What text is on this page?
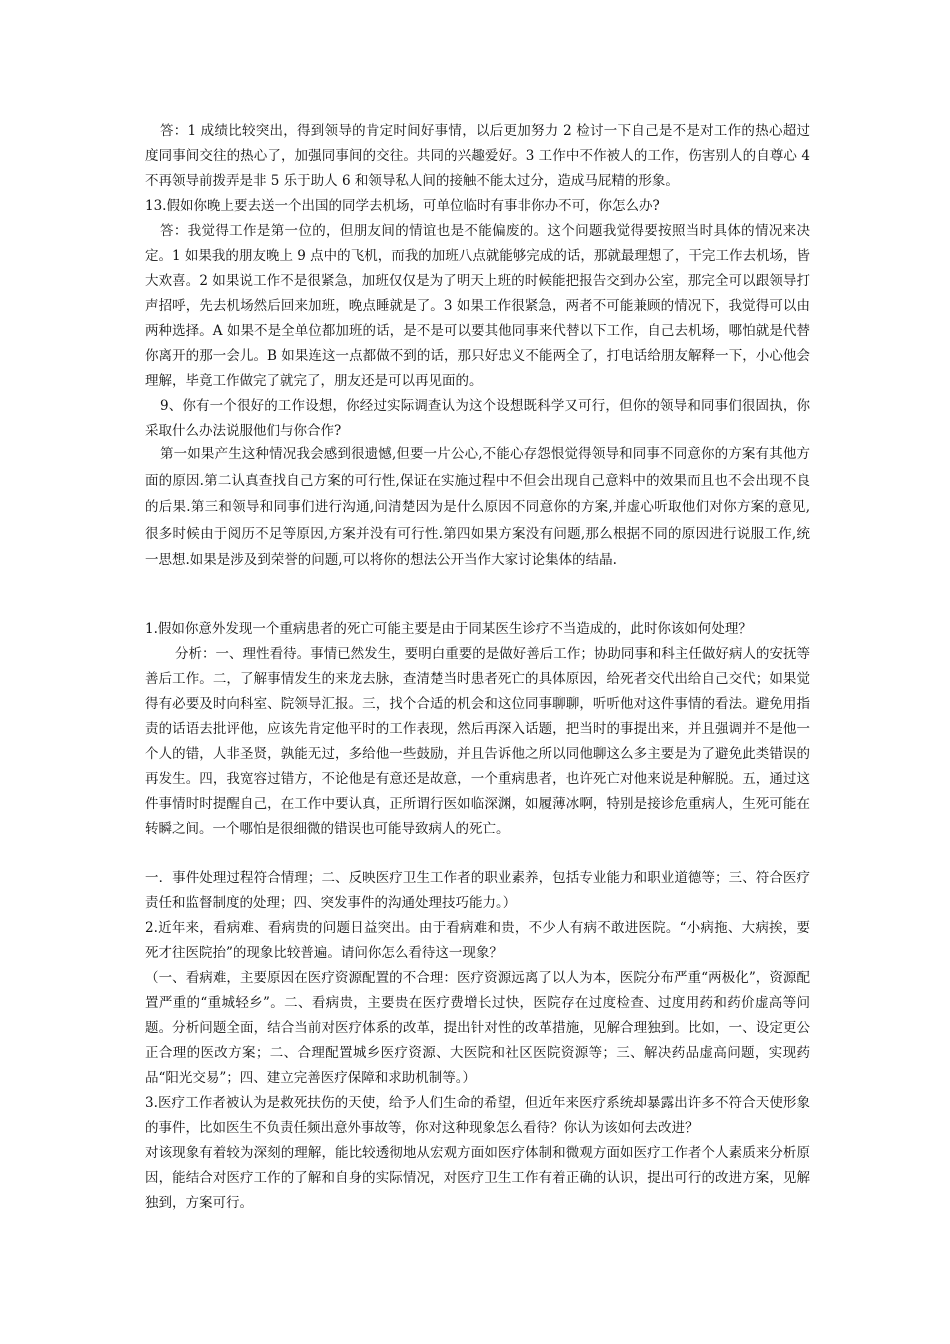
答：1 成绩比较突出，得到领导的肯定时间好事情，以后更加努力 2 检讨一下自己是不是对工作的热心超过度同事间交往的热心了，加强同事间的交往。共同的兴趣爱好。3 工作中不作被人的工作，伤害别人的自尊心 4 不再领导前拨弄是非 5 乐于助人 6 和领导私人间的接触不能太过分，造成马屁精的形象。

13.假如你晚上要去送一个出国的同学去机场，可单位临时有事非你办不可，你怎么办?

答：我觉得工作是第一位的，但朋友间的情谊也是不能偏废的。这个问题我觉得要按照当时具体的情况来决定。1 如果我的朋友晚上 9 点中的飞机，而我的加班八点就能够完成的话，那就最理想了，干完工作去机场，皆大欢喜。2 如果说工作不是很紧急，加班仅仅是为了明天上班的时候能把报告交到办公室，那完全可以跟领导打声招呼，先去机场然后回来加班，晚点睡就是了。3 如果工作很紧急，两者不可能兼顾的情况下，我觉得可以由两种选择。A 如果不是全单位都加班的话，是不是可以要其他同事来代替以下工作，自己去机场，哪怕就是代替你离开的那一会儿。B 如果连这一点都做不到的话，那只好忠义不能两全了，打电话给朋友解释一下，小心他会理解，毕竟工作做完了就完了，朋友还是可以再见面的。

9、你有一个很好的工作设想，你经过实际调查认为这个设想既科学又可行，但你的领导和同事们很固执，你采取什么办法说服他们与你合作?

第一如果产生这种情况我会感到很遗憾,但要一片公心,不能心存怨恨觉得领导和同事不同意你的方案有其他方面的原因.第二认真查找自己方案的可行性,保证在实施过程中不但会出现自己意料中的效果而且也不会出现不良的后果.第三和领导和同事们进行沟通,问清楚因为是什么原因不同意你的方案,并虚心听取他们对你方案的意见,很多时候由于阅历不足等原因,方案并没有可行性.第四如果方案没有问题,那么根据不同的原因进行说服工作,统一思想.如果是涉及到荣誉的问题,可以将你的想法公开当作大家讨论集体的结晶.

1.假如你意外发现一个重病患者的死亡可能主要是由于同某医生诊疗不当造成的，此时你该如何处理？

分析：一、理性看待。事情已然发生，要明白重要的是做好善后工作；协助同事和科主任做好病人的安抚等善后工作。二，了解事情发生的来龙去脉，查清楚当时患者死亡的具体原因，给死者交代出给自己交代；如果觉得有必要及时向科室、院领导汇报。三，找个合适的机会和这位同事聊聊，听听他对这件事情的看法。避免用指责的话语去批评他，应该先肯定他平时的工作表现，然后再深入话题，把当时的事提出来，并且强调并不是他一个人的错，人非圣贤，孰能无过，多给他一些鼓励，并且告诉他之所以同他聊这么多主要是为了避免此类错误的再发生。四，我宽容过错方，不论他是有意还是故意，一个重病患者，也许死亡对他来说是种解脱。五，通过这件事情时时提醒自己，在工作中要认真，正所谓行医如临深渊，如履薄冰啊，特别是接诊危重病人，生死可能在转瞬之间。一个哪怕是很细微的错误也可能导致病人的死亡。

一．事件处理过程符合情理；二、反映医疗卫生工作者的职业素养，包括专业能力和职业道德等；三、符合医疗责任和监督制度的处理；四、突发事件的沟通处理技巧能力。）

2.近年来，看病难、看病贵的问题日益突出。由于看病难和贵，不少人有病不敢进医院。“小病拖、大病挨，要死才往医院抬”的现象比较普遍。请问你怎么看待这一现象？

（一、看病难，主要原因在医疗资源配置的不合理：医疗资源远离了以人为本，医院分布严重“两极化”，资源配置严重的“重城轻乡”。二、看病贵，主要贵在医疗费增长过快，医院存在过度检查、过度用药和药价虚高等问题。分析问题全面，结合当前对医疗体系的改革，提出针对性的改革措施，见解合理独到。比如，一、设定更公正合理的医改方案；二、合理配置城乡医疗资源、大医院和社区医院资源等；三、解决药品虚高问题，实现药品“阳光交易”；四、建立完善医疗保障和求助机制等。）

3.医疗工作者被认为是救死扶伤的天使，给予人们生命的希望，但近年来医疗系统却暴露出许多不符合天使形象的事件，比如医生不负责任频出意外事故等，你对这种现象怎么看待？你认为该如何去改进？

对该现象有着较为深刻的理解，能比较透彻地从宏观方面如医疗体制和微观方面如医疗工作者个人素质来分析原因，能结合对医疗工作的了解和自身的实际情况，对医疗卫生工作有着正确的认识，提出可行的改进方案，见解独到，方案可行。
